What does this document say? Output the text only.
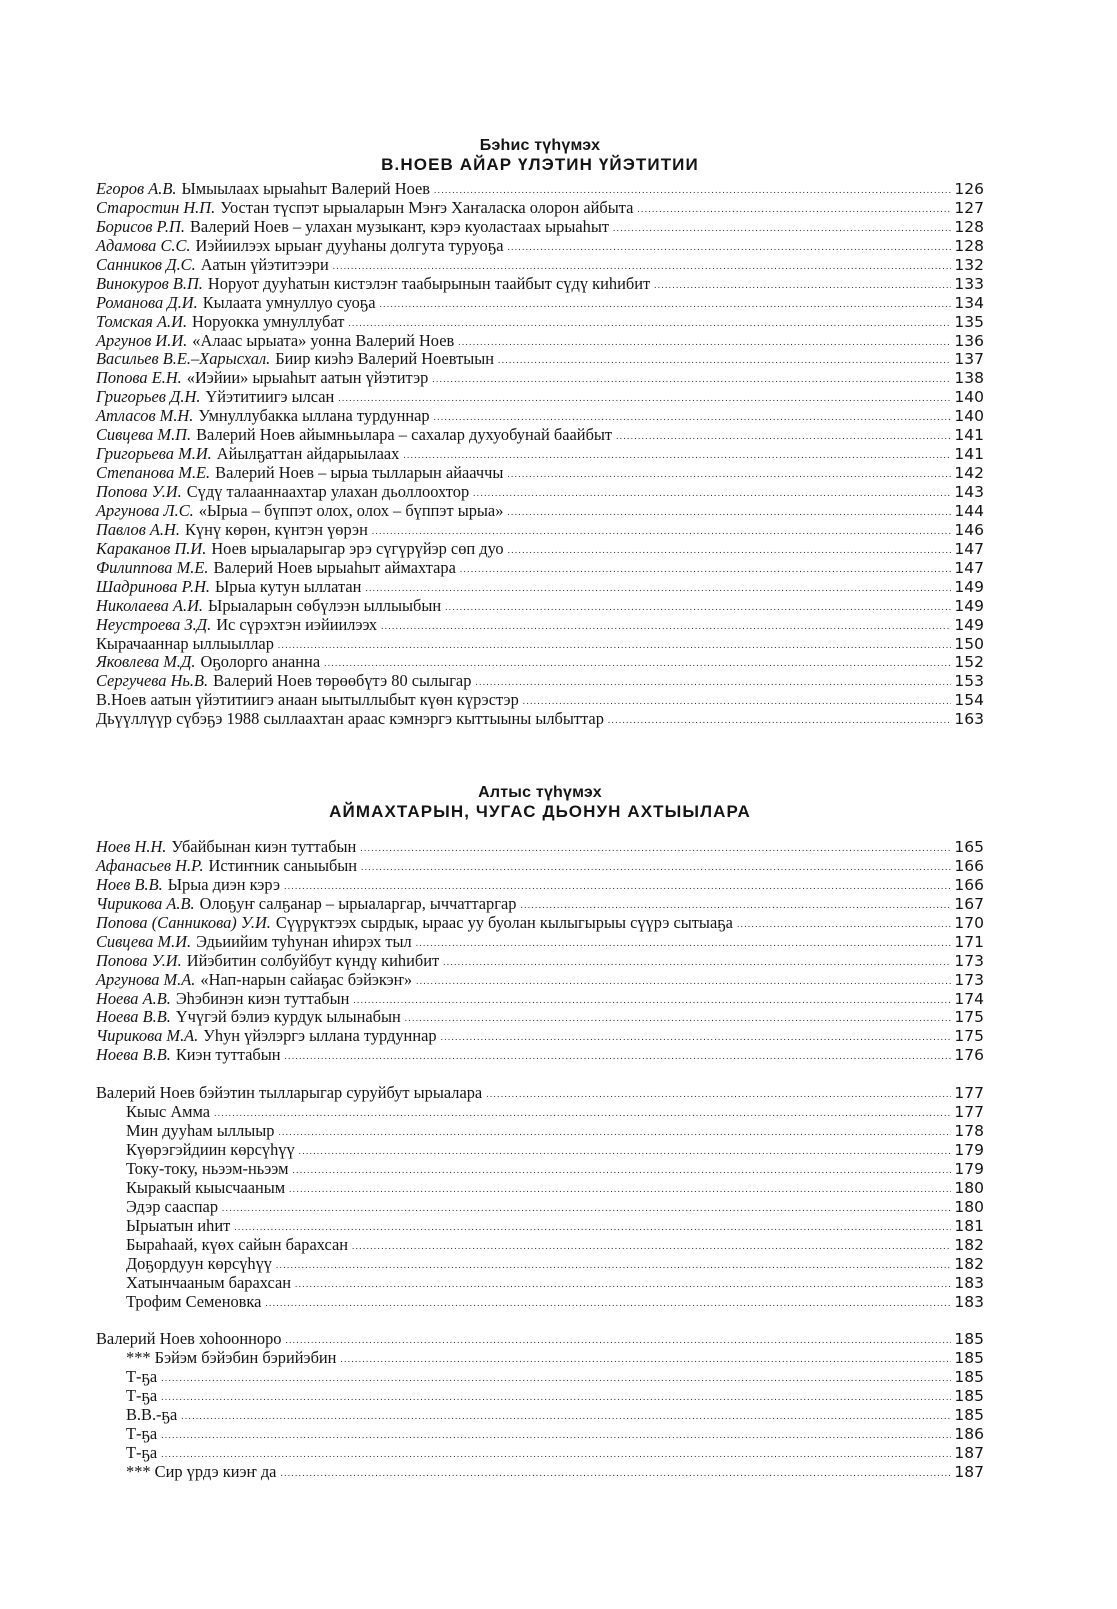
Бэһис түһүмэх
В.НОЕВ АЙАР ҮЛЭТИН ҮЙЭТИТИИ
Егоров А.В. Ымыылаах ырыаһыт Валерий Ноев .....	126
Старостин Н.П. Уостан түспэт ырыаларын Мэҥэ Хаҥаласка олорон айбыта .....	127
Борисов Р.П. Валерий Ноев – улахан музыкант, кэрэ куоластаах ырыаһыт .....	128
Адамова С.С. Иэйиилээх ырыаҥ дууһаны долгута туруоҕа .....	128
Санников Д.С. Аатын үйэтитээри .....	132
Винокуров В.П. Норуот дууһатын кистэлэҥ таабырынын таайбыт сүдү киһибит .....	133
Романова Д.И. Кылаата умнуллуо суоҕа .....	134
Томская А.И. Норуокка умнуллубат .....	135
Аргунов И.И. «Алаас ырыата» уонна Валерий Ноев .....	136
Васильев В.Е.–Харысхал. Биир киэһэ Валерий Ноевтыын .....	137
Попова Е.Н. «Иэйии» ырыаһыт аатын үйэтитэр .....	138
Григорьев Д.Н. Үйэтитиигэ ылсан .....	140
Атласов М.Н. Умнуллубакка ыллана турдуннар .....	140
Сивцева М.П. Валерий Ноев айымньылара – сахалар духуобунай баайбыт .....	141
Григорьева М.И. Айылҕаттан айдарыылаах .....	141
Степанова М.Е. Валерий Ноев – ырыа тылларын айааччы .....	142
Попова У.И. Сүдү талааннаахтар улахан дьоллоохтор .....	143
Аргунова Л.С. «Ырыа – бүппэт олох, олох – бүппэт ырыа» .....	144
Павлов А.Н. Күнү көрөн, күнтэн үөрэн .....	146
Караканов П.И. Ноев ырыаларыгар эрэ сүгүрүйэр сөп дуо .....	147
Филиппова М.Е. Валерий Ноев ырыаһыт аймахтара .....	147
Шадринова Р.Н. Ырыа кутун ыллатан .....	149
Николаева А.И. Ырыаларын сөбүлээн ыллыыбын .....	149
Неустроева З.Д. Ис сүрэхтэн иэйиилээх .....	149
Кырачааннар ыллыыллар .....	150
Яковлева М.Д. Оҕолорго ананна .....	152
Сергучева Нь.В. Валерий Ноев төрөөбүтэ 80 сылыгар .....	153
В.Ноев аатын үйэтитиигэ анаан ыытыллыбыт күөн күрэстэр .....	154
Дьүүллүүр сүбэҕэ 1988 сыллаахтан араас кэмнэргэ кыттыыны ылбыттар .....	163
Алтыс түһүмэх
АЙМАХТАРЫН, ЧУГАС ДЬОНУН АХТЫЫЛАРА
Ноев Н.Н. Убайбынан киэн туттабын .....	165
Афанасьев Н.Р. Истиҥник саныыбын .....	166
Ноев В.В. Ырыа диэн кэрэ .....	166
Чирикова А.В. Олоҕуҥ салҕанар – ырыаларгар, ыччаттаргар .....	167
Попова (Санникова) У.И. Сүүрүктээх сырдык, ыраас уу буолан кылыгырыы сүүрэ сытыаҕа .....	170
Сивцева М.И. Эдьиийим туһунан иһирэх тыл .....	171
Попова У.И. Ийэбитин солбуйбут күндү киһибит .....	173
Аргунова М.А. «Нап-нарын сайаҕас бэйэкэҥ» .....	173
Ноева А.В. Эһэбинэн киэн туттабын .....	174
Ноева В.В. Үчүгэй бэлиэ курдук ылынабын .....	175
Чирикова М.А. Уһун үйэлэргэ ыллана турдуннар .....	175
Ноева В.В. Киэн туттабын .....	176
Валерий Ноев бэйэтин тылларыгар суруйбут ырыалара .....	177
Кыыс Амма .....	177
Мин дууһам ыллыыр .....	178
Күөрэгэйдиин көрсүһүү .....	179
Току-току, ньээм-ньээм .....	179
Кыракый кыысчааным .....	180
Эдэр сааспар .....	180
Ырыатын иһит .....	181
Быраһаай, күөх сайын барахсан .....	182
Доҕордуун көрсүһүү .....	182
Хатынчааным барахсан .....	183
Трофим Семеновка .....	183
Валерий Ноев хоһооннoро .....	185
*** Бэйэм бэйэбин бэрийэбин .....	185
Т-ҕа .....	185
Т-ҕа .....	185
В.В.-ҕа .....	185
Т-ҕа .....	186
Т-ҕа .....	187
*** Сир үрдэ киэҥ да .....	187
